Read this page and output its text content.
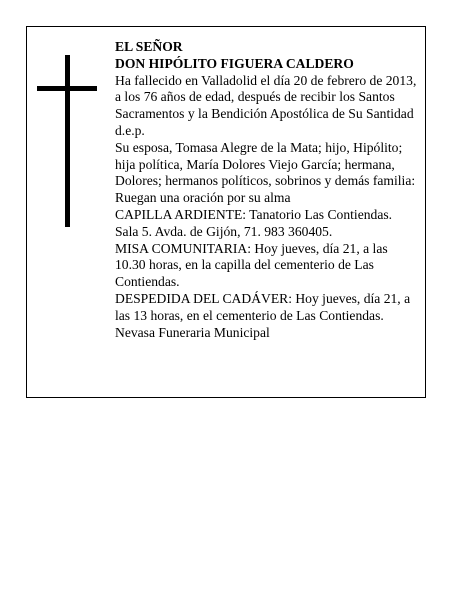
EL SEÑOR
DON HIPÓLITO FIGUERA CALDERO
Ha fallecido en Valladolid el día 20 de febrero de 2013,
a los 76 años de edad, después de recibir los Santos
Sacramentos y la Bendición Apostólica de Su Santidad
d.e.p.
Su esposa, Tomasa Alegre de la Mata; hijo, Hipólito;
hija política, María Dolores Viejo García; hermana,
Dolores; hermanos políticos, sobrinos y demás familia:
Ruegan una oración por su alma
CAPILLA ARDIENTE: Tanatorio Las Contiendas.
Sala 5. Avda. de Gijón, 71. 983 360405.
MISA COMUNITARIA: Hoy jueves, día 21, a las
10.30 horas, en la capilla del cementerio de Las
Contiendas.
DESPEDIDA DEL CADÁVER: Hoy jueves, día 21, a
las 13 horas, en el cementerio de Las Contiendas.
Nevasa Funeraria Municipal
